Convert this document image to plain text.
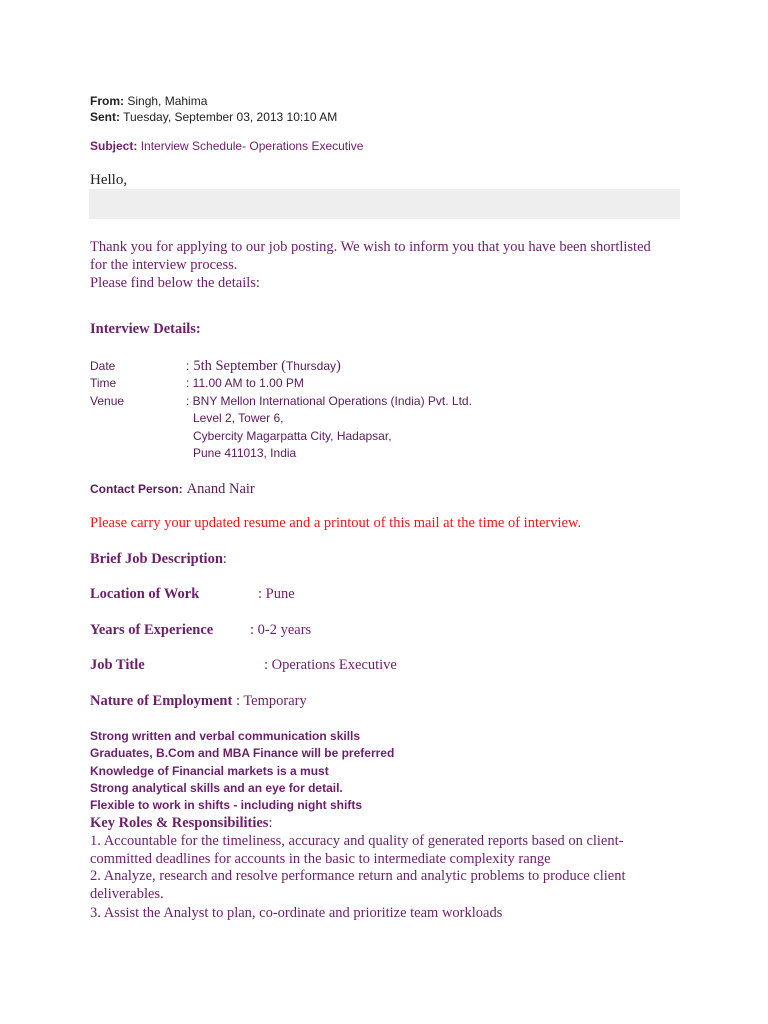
From: Singh, Mahima
Sent: Tuesday, September 03, 2013 10:10 AM
Subject: Interview Schedule- Operations Executive
Hello,
Thank you for applying to our job posting. We wish to inform you that you have been shortlisted
for the interview process.
Please find below the details:
Interview Details:
Date	: 5th September (Thursday)
Time	: 11.00 AM to 1.00 PM
Venue	: BNY Mellon International Operations (India) Pvt. Ltd.
Level 2, Tower 6,
Cybercity Magarpatta City, Hadapsar,
Pune 411013, India
Contact Person: Anand Nair
Please carry your updated resume and a printout of this mail at the time of interview.
Brief Job Description:
Location of Work	: Pune
Years of Experience	: 0-2 years
Job Title	: Operations Executive
Nature of Employment : Temporary
Strong written and verbal communication skills
Graduates, B.Com and MBA Finance will be preferred
Knowledge of Financial markets is a must
Strong analytical skills and an eye for detail.
Flexible to work in shifts - including night shifts
Key Roles & Responsibilities:
1. Accountable for the timeliness, accuracy and quality of generated reports based on client-
committed deadlines for accounts in the basic to intermediate complexity range
2. Analyze, research and resolve performance return and analytic problems to produce client
deliverables.
3. Assist the Analyst to plan, co-ordinate and prioritize team workloads
